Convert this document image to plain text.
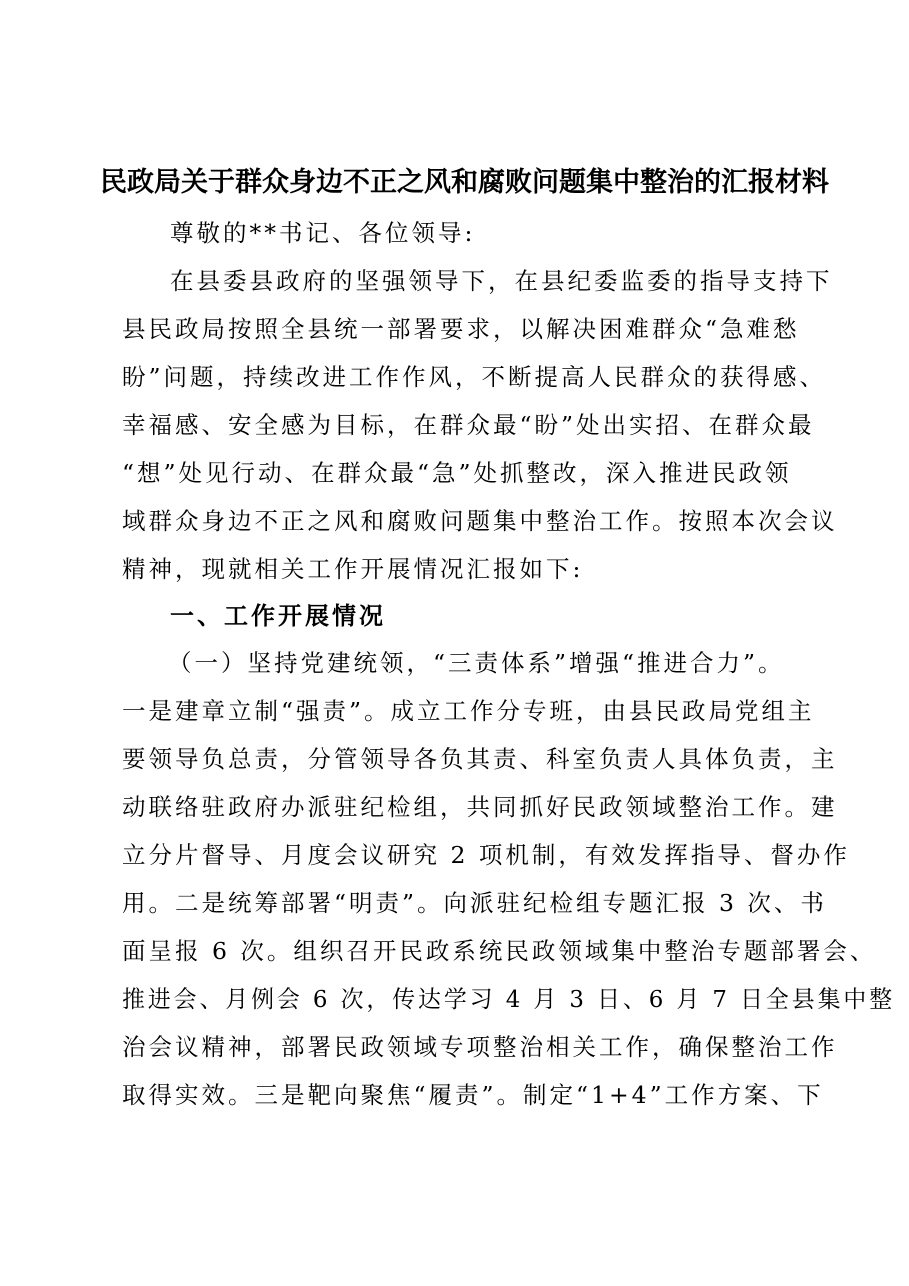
民政局关于群众身边不正之风和腐败问题集中整治的汇报材料
尊敬的**书记、各位领导:
在县委县政府的坚强领导下，在县纪委监委的指导支持下
县民政局按照全县统一部署要求，以解决困难群众“急难愁
盼”问题，持续改进工作作风，不断提高人民群众的获得感、
幸福感、安全感为目标，在群众最“盼”处出实招、在群众最
“想”处见行动、在群众最“急”处抓整改，深入推进民政领
域群众身边不正之风和腐败问题集中整治工作。按照本次会议
精神，现就相关工作开展情况汇报如下:
一、工作开展情况
（一）坚持党建统领，“三责体系”增强“推进合力”。
一是建章立制“强责”。成立工作分专班，由县民政局党组主
要领导负总责，分管领导各负其责、科室负责人具体负责，主
动联络驻政府办派驻纪检组，共同抓好民政领域整治工作。建
立分片督导、月度会议研究 2 项机制，有效发挥指导、督办作
用。二是统筹部署“明责”。向派驻纪检组专题汇报 3 次、书
面呈报 6 次。组织召开民政系统民政领域集中整治专题部署会、
推进会、月例会 6 次，传达学习 4 月 3 日、6 月 7 日全县集中整
治会议精神，部署民政领域专项整治相关工作，确保整治工作
取得实效。三是靶向聚焦“履责”。制定“1+4”工作方案、下
